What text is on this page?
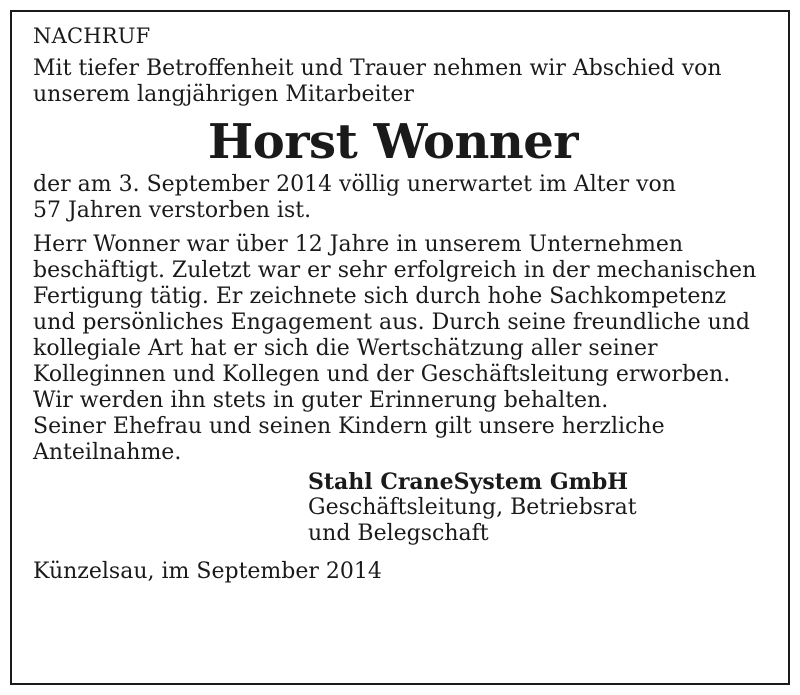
NACHRUF

Mit tiefer Betroffenheit und Trauer nehmen wir Abschied von
unserem langjährigen Mitarbeiter

Horst Wonner

der am 3. September 2014 völlig unerwartet im Alter von
57 Jahren verstorben ist.

Herr Wonner war über 12 Jahre in unserem Unternehmen
beschäftigt. Zuletzt war er sehr erfolgreich in der mechanischen
Fertigung tätig. Er zeichnete sich durch hohe Sachkompetenz
und persönliches Engagement aus. Durch seine freundliche und
kollegiale Art hat er sich die Wertschätzung aller seiner
Kolleginnen und Kollegen und der Geschäftsleitung erworben.
Wir werden ihn stets in guter Erinnerung behalten.
Seiner Ehefrau und seinen Kindern gilt unsere herzliche
Anteilnahme.

Stahl CraneSystem GmbH
Geschäftsleitung, Betriebsrat
und Belegschaft

Künzelsau, im September 2014
